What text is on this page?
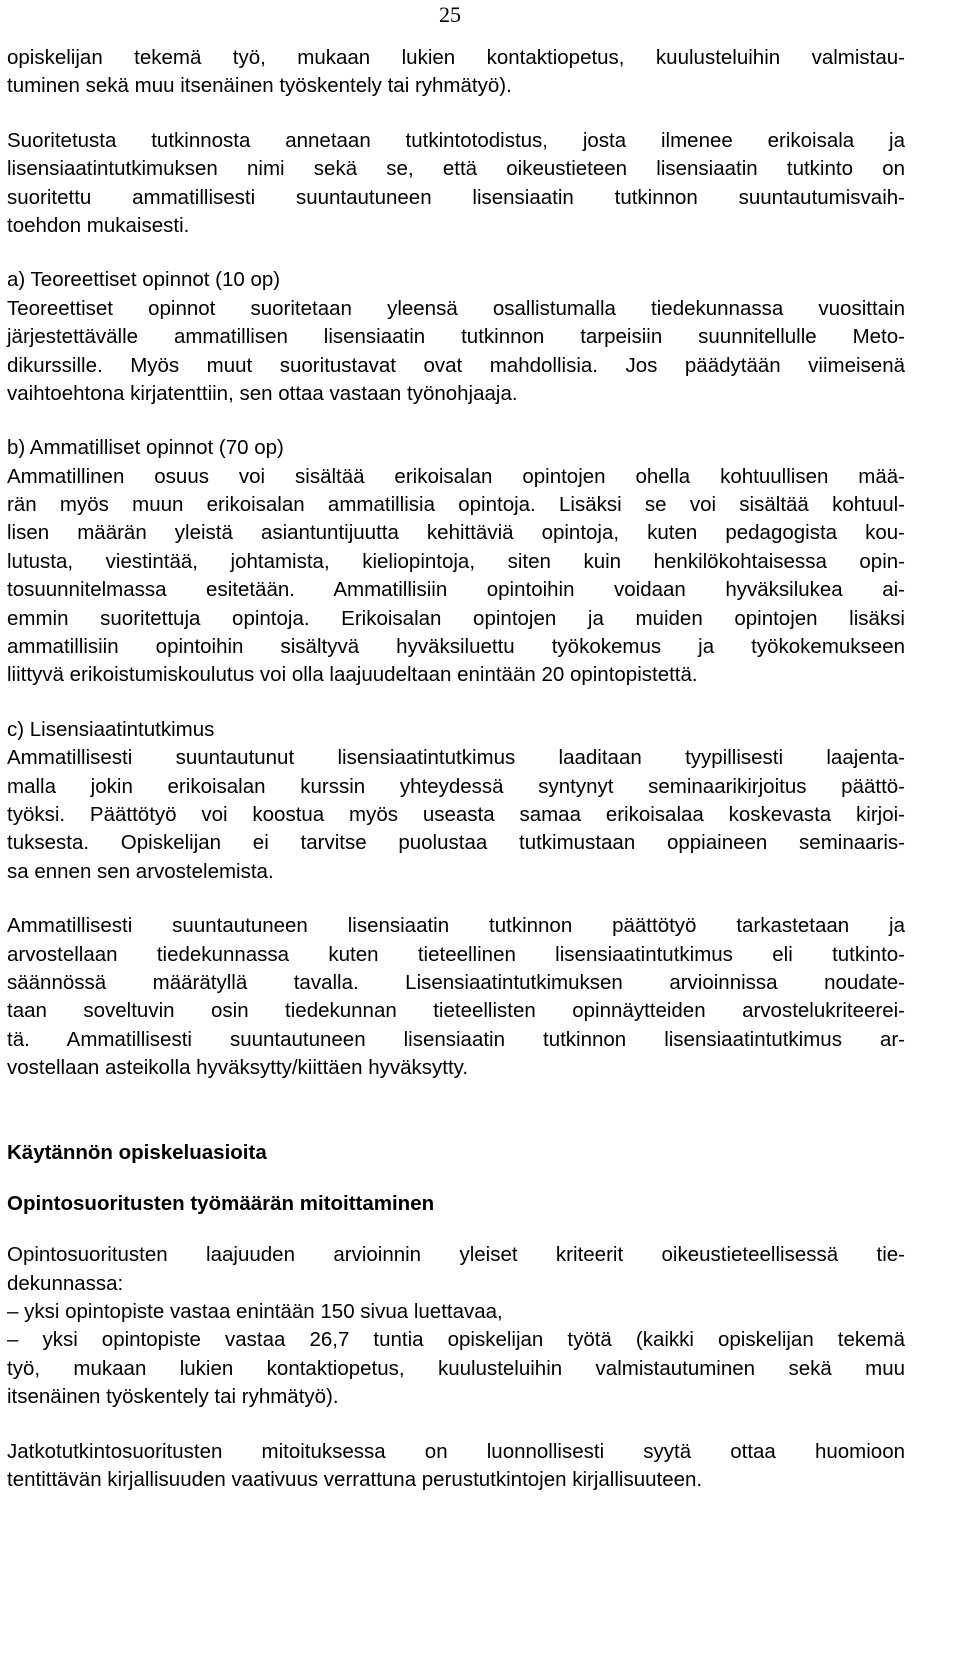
25
opiskelijan tekemä työ, mukaan lukien kontaktiopetus, kuulusteluihin valmistau-
tuminen sekä muu itsenäinen työskentely tai ryhmätyö).
Suoritetusta tutkinnosta annetaan tutkintotodistus, josta ilmenee erikoisala ja
lisensiaatintutkimuksen nimi sekä se, että oikeustieteen lisensiaatin tutkinto on
suoritettu ammatillisesti suuntautuneen lisensiaatin tutkinnon suuntautumisvaih-
toehdon mukaisesti.
a) Teoreettiset opinnot (10 op)
Teoreettiset opinnot suoritetaan yleensä osallistumalla tiedekunnassa vuosittain
järjestettävälle ammatillisen lisensiaatin tutkinnon tarpeisiin suunnitellulle Meto-
dikurssille. Myös muut suoritustavat ovat mahdollisia. Jos päädytään viimeisenä
vaihtoehtona kirjatenttiin, sen ottaa vastaan työnohjaaja.
b) Ammatilliset opinnot (70 op)
Ammatillinen osuus voi sisältää erikoisalan opintojen ohella kohtuullisen mää-
rän myös muun erikoisalan ammatillisia opintoja. Lisäksi se voi sisältää kohtuul-
lisen määrän yleistä asiantuntijuutta kehittäviä opintoja, kuten pedagogista kou-
lutusta, viestintää, johtamista, kieliopintoja, siten kuin henkilökohtaisessa opin-
tosuunnitelmassa esitetään. Ammatillisiin opintoihin voidaan hyväksilukea ai-
emmin suoritettuja opintoja. Erikoisalan opintojen ja muiden opintojen lisäksi
ammatillisiin opintoihin sisältyvä hyväksiluettu työkokemus ja työkokemukseen
liittyvä erikoistumiskoulutus voi olla laajuudeltaan enintään 20 opintopistettä.
c) Lisensiaatintutkimus
Ammatillisesti suuntautunut lisensiaatintutkimus laaditaan tyypillisesti laajenta-
malla jokin erikoisalan kurssin yhteydessä syntynyt seminaarikirjoitus päättö-
työksi. Päättötyö voi koostua myös useasta samaa erikoisalaa koskevasta kirjoi-
tuksesta. Opiskelijan ei tarvitse puolustaa tutkimustaan oppiaineen seminaaris-
sa ennen sen arvostelemista.
Ammatillisesti suuntautuneen lisensiaatin tutkinnon päättötyö tarkastetaan ja
arvostellaan tiedekunnassa kuten tieteellinen lisensiaatintutkimus eli tutkinto-
säännössä määrätyllä tavalla. Lisensiaatintutkimuksen arvioinnissa noudate-
taan soveltuvin osin tiedekunnan tieteellisten opinnäytteiden arvostelukriteerei-
tä. Ammatillisesti suuntautuneen lisensiaatin tutkinnon lisensiaatintutkimus ar-
vostellaan asteikolla hyväksytty/kiittäen hyväksytty.
Käytännön opiskeluasioita
Opintosuoritusten työmäärän mitoittaminen
Opintosuoritusten laajuuden arvioinnin yleiset kriteerit oikeustieteellisessä tie-
dekunnassa:
– yksi opintopiste vastaa enintään 150 sivua luettavaa,
– yksi opintopiste vastaa 26,7 tuntia opiskelijan työtä (kaikki opiskelijan tekemä
työ, mukaan lukien kontaktiopetus, kuulusteluihin valmistautuminen sekä muu
itsenäinen työskentely tai ryhmätyö).
Jatkotutkintosuoritusten mitoituksessa on luonnollisesti syytä ottaa huomioon
tentittävän kirjallisuuden vaativuus verrattuna perustutkintojen kirjallisuuteen.
